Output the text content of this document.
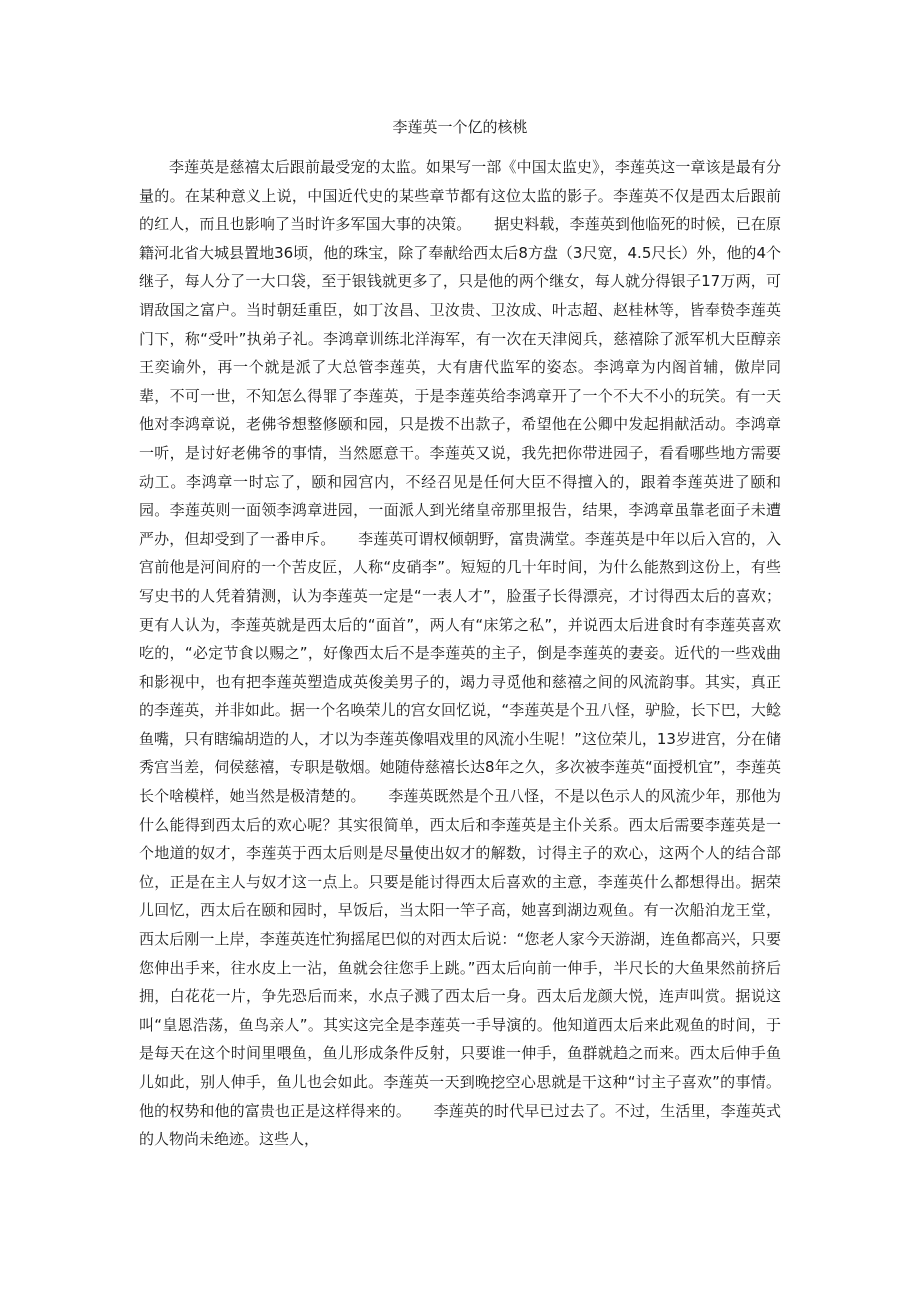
李莲英一个亿的核桃

李莲英是慈禧太后跟前最受宠的太监。如果写一部《中国太监史》，李莲英这一章该是最有分量的。在某种意义上说，中国近代史的某些章节都有这位太监的影子。李莲英不仅是西太后跟前的红人，而且也影响了当时许多军国大事的决策。　　据史料载，李莲英到他临死的时候，已在原籍河北省大城县置地36顷，他的珠宝，除了奉献给西太后8方盘（3尺宽，4.5尺长）外，他的4个继子，每人分了一大口袋，至于银钱就更多了，只是他的两个继女，每人就分得银子17万两，可谓敌国之富户。当时朝廷重臣，如丁汝昌、卫汝贵、卫汝成、叶志超、赵桂林等，皆奉贽李莲英门下，称“受叶”执弟子礼。李鸿章训练北洋海军，有一次在天津阅兵，慈禧除了派军机大臣醇亲王奕谕外，再一个就是派了大总管李莲英，大有唐代监军的姿态。李鸿章为内阁首辅，傲岸同辈，不可一世，不知怎么得罪了李莲英，于是李莲英给李鸿章开了一个不大不小的玩笑。有一天他对李鸿章说，老佛爷想整修颐和园，只是拨不出款子，希望他在公卿中发起捐献活动。李鸿章一听，是讨好老佛爷的事情，当然愿意干。李莲英又说，我先把你带进园子，看看哪些地方需要动工。李鸿章一时忘了，颐和园宫内，不经召见是任何大臣不得擅入的，跟着李莲英进了颐和园。李莲英则一面领李鸿章进园，一面派人到光绪皇帝那里报告，结果，李鸿章虽靠老面子未遭严办，但却受到了一番申斥。　　李莲英可谓权倾朝野，富贵满堂。李莲英是中年以后入宫的，入宫前他是河间府的一个苦皮匠，人称“皮硝李”。短短的几十年时间，为什么能熬到这份上，有些写史书的人凭着猜测，认为李莲英一定是“一表人才”，脸蛋子长得漂亮，才讨得西太后的喜欢；更有人认为，李莲英就是西太后的“面首”，两人有“床笫之私”，并说西太后进食时有李莲英喜欢吃的，“必定节食以赐之”，好像西太后不是李莲英的主子，倒是李莲英的妻妾。近代的一些戏曲和影视中，也有把李莲英塑造成英俊美男子的，竭力寻觅他和慈禧之间的风流韵事。其实，真正的李莲英，并非如此。据一个名唤荣儿的宫女回忆说，“李莲英是个丑八怪，驴脸，长下巴，大鲶鱼嘴，只有瞎编胡造的人，才以为李莲英像唱戏里的风流小生呢！”这位荣儿，13岁进宫，分在储秀宫当差，伺侯慈禧，专职是敬烟。她随侍慈禧长达8年之久，多次被李莲英“面授机宜”，李莲英长个啥模样，她当然是极清楚的。　　李莲英既然是个丑八怪，不是以色示人的风流少年，那他为什么能得到西太后的欢心呢？其实很简单，西太后和李莲英是主仆关系。西太后需要李莲英是一个地道的奴才，李莲英于西太后则是尽量使出奴才的解数，讨得主子的欢心，这两个人的结合部位，正是在主人与奴才这一点上。只要是能讨得西太后喜欢的主意，李莲英什么都想得出。据荣儿回忆，西太后在颐和园时，早饭后，当太阳一竿子高，她喜到湖边观鱼。有一次船泊龙王堂，西太后刚一上岸，李莲英连忙狗摇尾巴似的对西太后说：“您老人家今天游湖，连鱼都高兴，只要您伸出手来，往水皮上一沾，鱼就会往您手上跳。”西太后向前一伸手，半尺长的大鱼果然前挤后拥，白花花一片，争先恐后而来，水点子溅了西太后一身。西太后龙颜大悦，连声叫赏。据说这叫“皇恩浩荡，鱼鸟亲人”。其实这完全是李莲英一手导演的。他知道西太后来此观鱼的时间，于是每天在这个时间里喂鱼，鱼儿形成条件反射，只要谁一伸手，鱼群就趋之而来。西太后伸手鱼儿如此，别人伸手，鱼儿也会如此。李莲英一天到晚挖空心思就是干这种“讨主子喜欢”的事情。他的权势和他的富贵也正是这样得来的。　　李莲英的时代早已过去了。不过，生活里，李莲英式的人物尚未绝迹。这些人，
